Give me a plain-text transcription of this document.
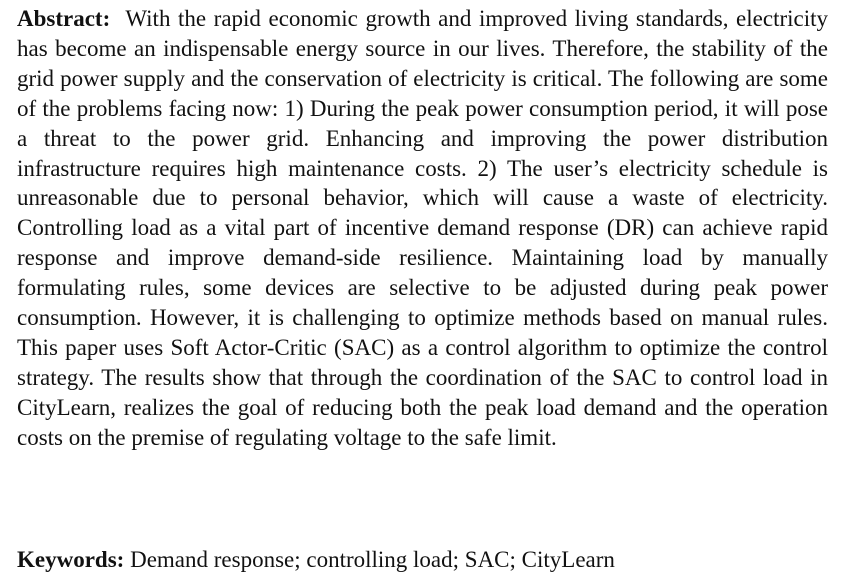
Abstract: With the rapid economic growth and improved living standards, electricity has become an indispensable energy source in our lives. Therefore, the stability of the grid power supply and the conservation of electricity is critical. The following are some of the problems facing now: 1) During the peak power consumption period, it will pose a threat to the power grid. Enhancing and improving the power distribution infrastructure requires high maintenance costs. 2) The user’s electricity schedule is unreasonable due to personal behavior, which will cause a waste of electricity. Controlling load as a vital part of incentive demand response (DR) can achieve rapid response and improve demand-side resilience. Maintaining load by manually formulating rules, some devices are selective to be adjusted during peak power consumption. However, it is challenging to optimize methods based on manual rules. This paper uses Soft Actor-Critic (SAC) as a control algorithm to optimize the control strategy. The results show that through the coordination of the SAC to control load in CityLearn, realizes the goal of reducing both the peak load demand and the operation costs on the premise of regulating voltage to the safe limit.

Keywords: Demand response; controlling load; SAC; CityLearn
